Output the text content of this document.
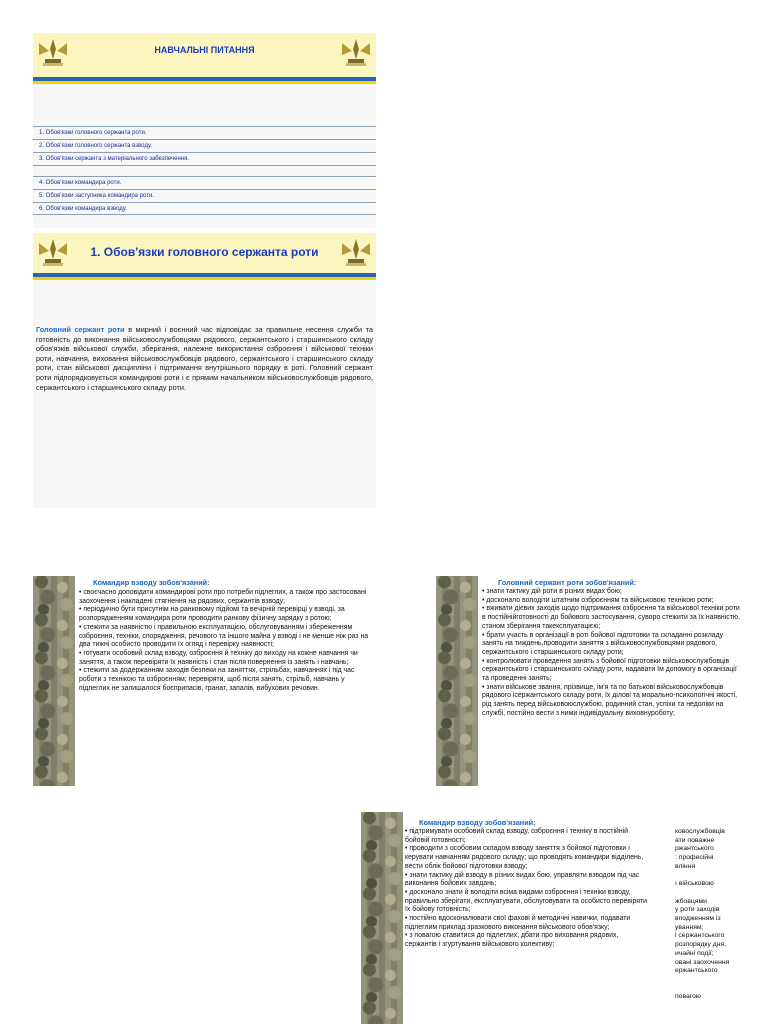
НАВЧАЛЬНІ ПИТАННЯ
1. Обов'язки головного сержанта роти.
2. Обов'язки головного сержанта взводу.
3. Обов'язки сержанта з матеріального забезпечення.
4. Обов'язки командира роти.
5. Обов'язки заступника командира роти.
6. Обов'язки командира взводу.
1. Обов'язки головного сержанта роти
Головний сержант роти в мирний і воєнний час відповідає за правильне несення служби та готовність до виконання військовослужбовцями рядового, сержантського і старшинського складу обов'язків військової служби, зберігання, належне використання озброєння і військової техніки роти, навчання, виховання військовослужбовців рядового, сержантського і старшинського складу роти, стан військової дисципліни і підтримання внутрішнього порядку в роті. Головний сержант роти підпорядковується командирові роти і є прямим начальником військовослужбовців рядового, сержантського і старшинського складу роти.
Командир взводу зобов'язаний:
• своєчасно доповідати командирові роти про потреби підлеглих, а також про застосовані заохочення і накладені стягнення на рядових, сержантів взводу;
• періодично бути присутнім на ранковому підйомі та вечірній перевірці у взводі, за розпорядженням командира роти проводити ранкову фізичну зарядку з ротою;
• стежити за наявністю і правильною експлуатацією, обслуговуванням і збереженням озброєння, техніки, спорядження, речового та іншого майна у взводі і не менше ніж раз на два тижні особисто проводити їх огляд і перевірку наявності;
• готувати особовий склад взводу, озброєння й техніку до виходу на кожне навчання чи заняття, а також перевіряти їх наявність і стан після повернення із занять і навчань;
• стежити за додержанням заходів безпеки на заняттях, стрільбах, навчаннях і під час роботи з технікою та озброєнням; перевіряти, щоб після занять, стрільб, навчань у підлеглих не залишалося боєприпасів, гранат, запалів, вибухових речовин.
Головний сержант роти зобов'язаний:
• знати тактику дій роти в різних видах бою;
• досконало володіти штатним озброєнням та військовою технікою роти;
• вживати дієвих заходів щодо підтримання озброєння та військової техніки роти в постійнійготовності до бойового застосування, суворо стежити за їх наявністю, станом зберігання такексплуатацією;
• брати участь в організації в роті бойової підготовки та складанні розкладу занять на тиждень,проводити заняття з військовослужбовцями рядового, сержантського і старшинського складу роти;
• контролювати проведення занять з бойової підготовки військовослужбовців сержантського і старшинського складу роти, надавати їм допомогу в організації та проведенні занять;
• знати військове звання, прізвище, ім'я та по батькові військовослужбовців рядового ісержантського складу роти, їх ділові та морально-психологічні якості, рід занять перед військовоюслужбою, родинний стан, успіхи та недоліки на службі, постійно вести з ними індивідуальну виховнуроботу;
Командир взводу зобов'язаний:
• підтримувати особовий склад взводу, озброєння і техніку в постійній бойовій готовності;
• проводити з особовим складом взводу заняття з бойової підготовки і керувати навчанням рядового складу; що проводять командири відділень, вести облік бойової підготовки взводу;
• знати тактику дій взводу в різних видах бою, управляти взводом під час виконання бойових завдань;
• досконало знати й володіти всіма видами озброєння і техніки взводу, правильно зберігати, експлуатувати, обслуговувати та особисто перевіряти їх бойову готовність;
• постійно вдосконалювати свої фахові й методичні навички, подавати підлеглим приклад зразкового виконання військового обов'язку;
• з повагою ставитися до підлеглих, дбати про виховання рядових, сержантів і згуртування військового колективу;
ковослужбовців
ати поважне
ржантського
: професійні
вління

ı військовою

жбовцями
у роти заходів
вподженням із
уванням;
і сержантського
розпорядку дня,
ичайні події;
овані заохочення
ержантського

повагою
